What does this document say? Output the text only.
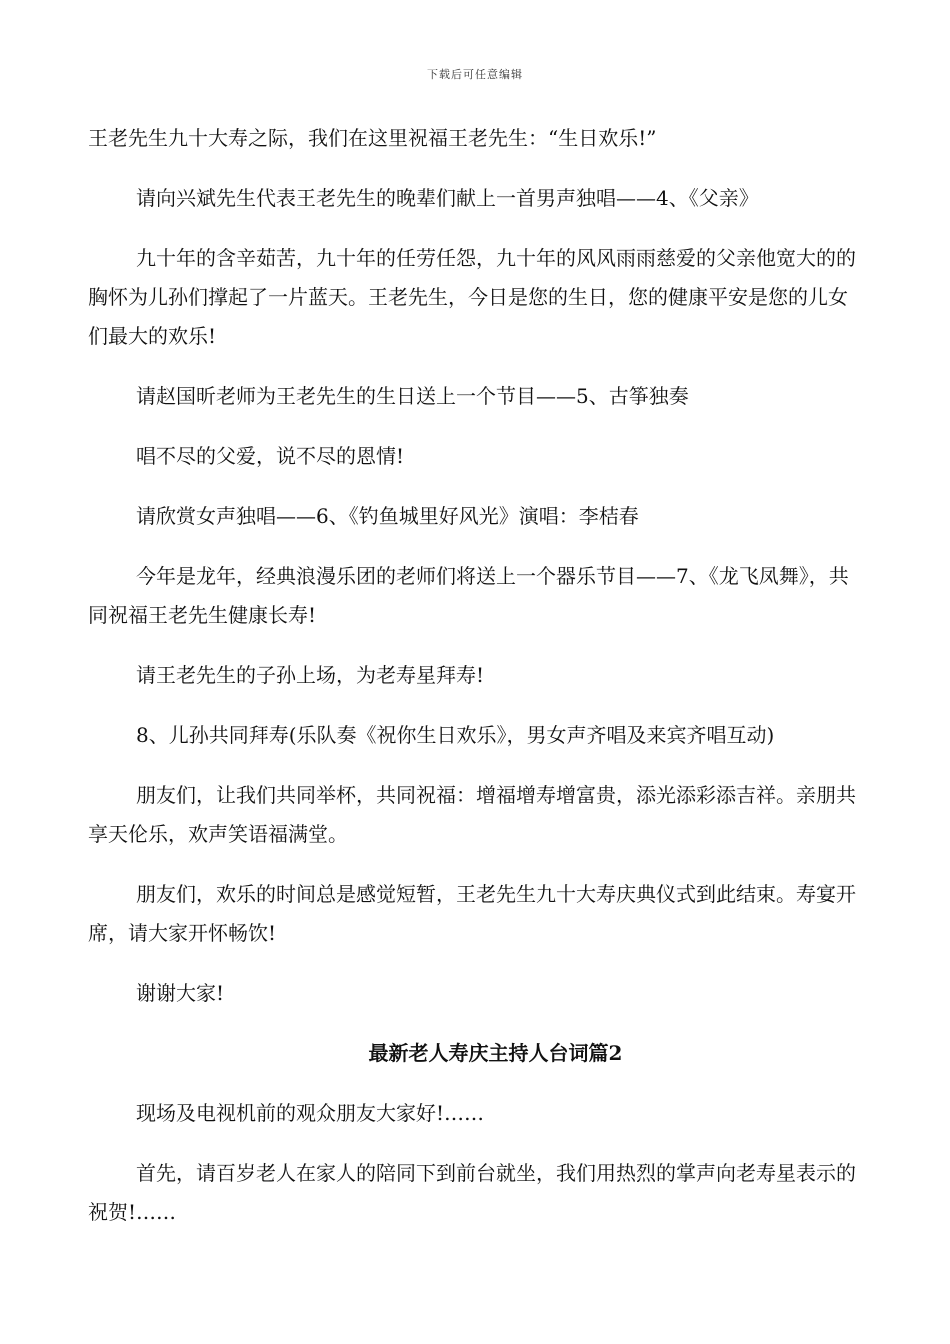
下载后可任意编辑

王老先生九十大寿之际，我们在这里祝福王老先生：“生日欢乐!”

请向兴斌先生代表王老先生的晚辈们献上一首男声独唱——4、《父亲》

九十年的含辛茹苦，九十年的任劳任怨，九十年的风风雨雨慈爱的父亲他宽大的的胸怀为儿孙们撑起了一片蓝天。王老先生，今日是您的生日，您的健康平安是您的儿女们最大的欢乐!

请赵国昕老师为王老先生的生日送上一个节目——5、古筝独奏

唱不尽的父爱，说不尽的恩情!

请欣赏女声独唱——6、《钓鱼城里好风光》演唱：李桔春

今年是龙年，经典浪漫乐团的老师们将送上一个器乐节目——7、《龙飞凤舞》，共同祝福王老先生健康长寿!

请王老先生的子孙上场，为老寿星拜寿!

8、儿孙共同拜寿(乐队奏《祝你生日欢乐》，男女声齐唱及来宾齐唱互动)

朋友们，让我们共同举杯，共同祝福：增福增寿增富贵，添光添彩添吉祥。亲朋共享天伦乐，欢声笑语福满堂。

朋友们，欢乐的时间总是感觉短暂，王老先生九十大寿庆典仪式到此结束。寿宴开席，请大家开怀畅饮!

谢谢大家!

最新老人寿庆主持人台词篇2

现场及电视机前的观众朋友大家好!……

首先，请百岁老人在家人的陪同下到前台就坐，我们用热烈的掌声向老寿星表示的祝贺!……
